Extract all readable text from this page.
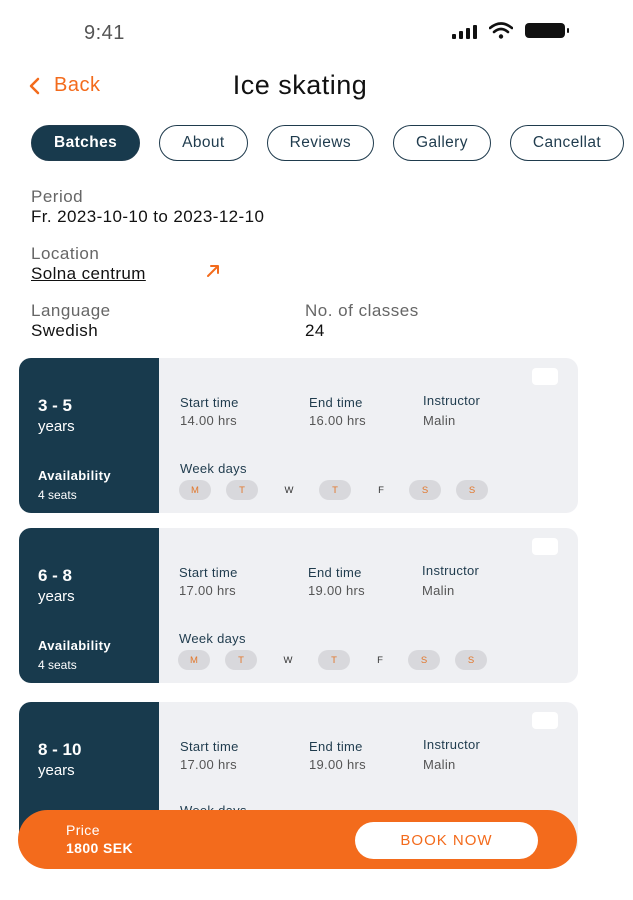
9:41
Back	Ice skating
Batches	About	Reviews	Gallery	Cancellat
Period
Fr. 2023-10-10 to 2023-12-10
Location
Solna centrum
Language
Swedish
No. of classes
24
3 - 5
years
Availability
4 seats
Start time
14.00 hrs
End time
16.00 hrs
Instructor
Malin
Week days
M	T	W	T	F	S	S
6 - 8
years
Availability
4 seats
Start time
17.00 hrs
End time
19.00 hrs
Instructor
Malin
Week days
M	T	W	T	F	S	S
8 - 10
years
Start time
17.00 hrs
End time
19.00 hrs
Instructor
Malin
Price
1800 SEK	BOOK NOW
